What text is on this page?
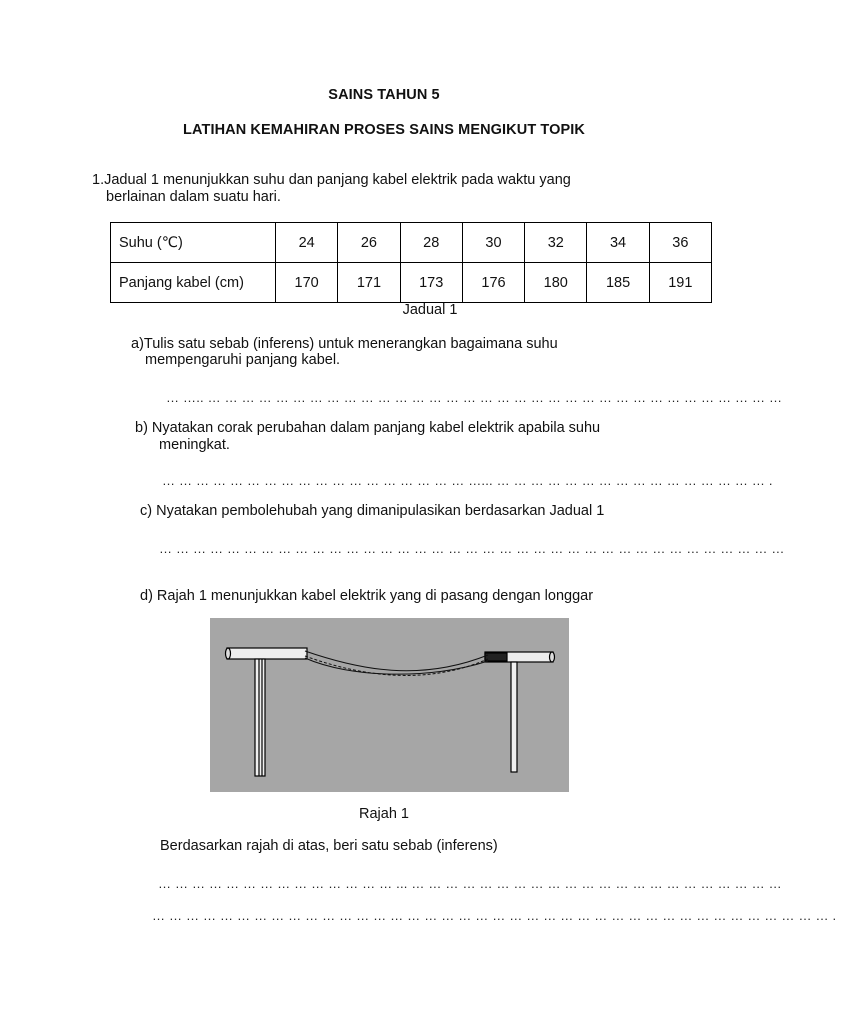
SAINS TAHUN 5
LATIHAN KEMAHIRAN PROSES SAINS MENGIKUT TOPIK
1.Jadual 1 menunjukkan suhu dan panjang kabel elektrik pada waktu yang
berlainan dalam suatu hari.
Suhu (℃)	24	26	28	30	32	34	36
Panjang kabel (cm)	170	171	173	176	180	185	191
Jadual 1
a)Tulis satu sebab (inferens) untuk menerangkan bagaimana suhu
mempengaruhi panjang kabel.
… ….. … … … … … … … … … … … … … … … … … … … … … … … … … … … … … … … … … …
b) Nyatakan corak perubahan dalam panjang kabel elektrik apabila suhu
meningkat.
… … … … … … … … … … … … … … … … … … …... … … … … … … … … … … … … … … … … .
c) Nyatakan pembolehubah yang dimanipulasikan berdasarkan Jadual 1
… … … … … … … … … … … … … … … … … … … … … … … … … … … … … … … … … … … … …
d) Rajah 1 menunjukkan kabel elektrik yang di pasang dengan longgar
Rajah 1
Berdasarkan rajah di atas, beri satu sebab (inferens)
… … … … … … … … … … … … … … ... … … … … … … … … … … … … … … … … … … … … … …
… … … … … … … … … … … … … … … … … … … … … … … … … … … … … … … … … … … … … … … … .
